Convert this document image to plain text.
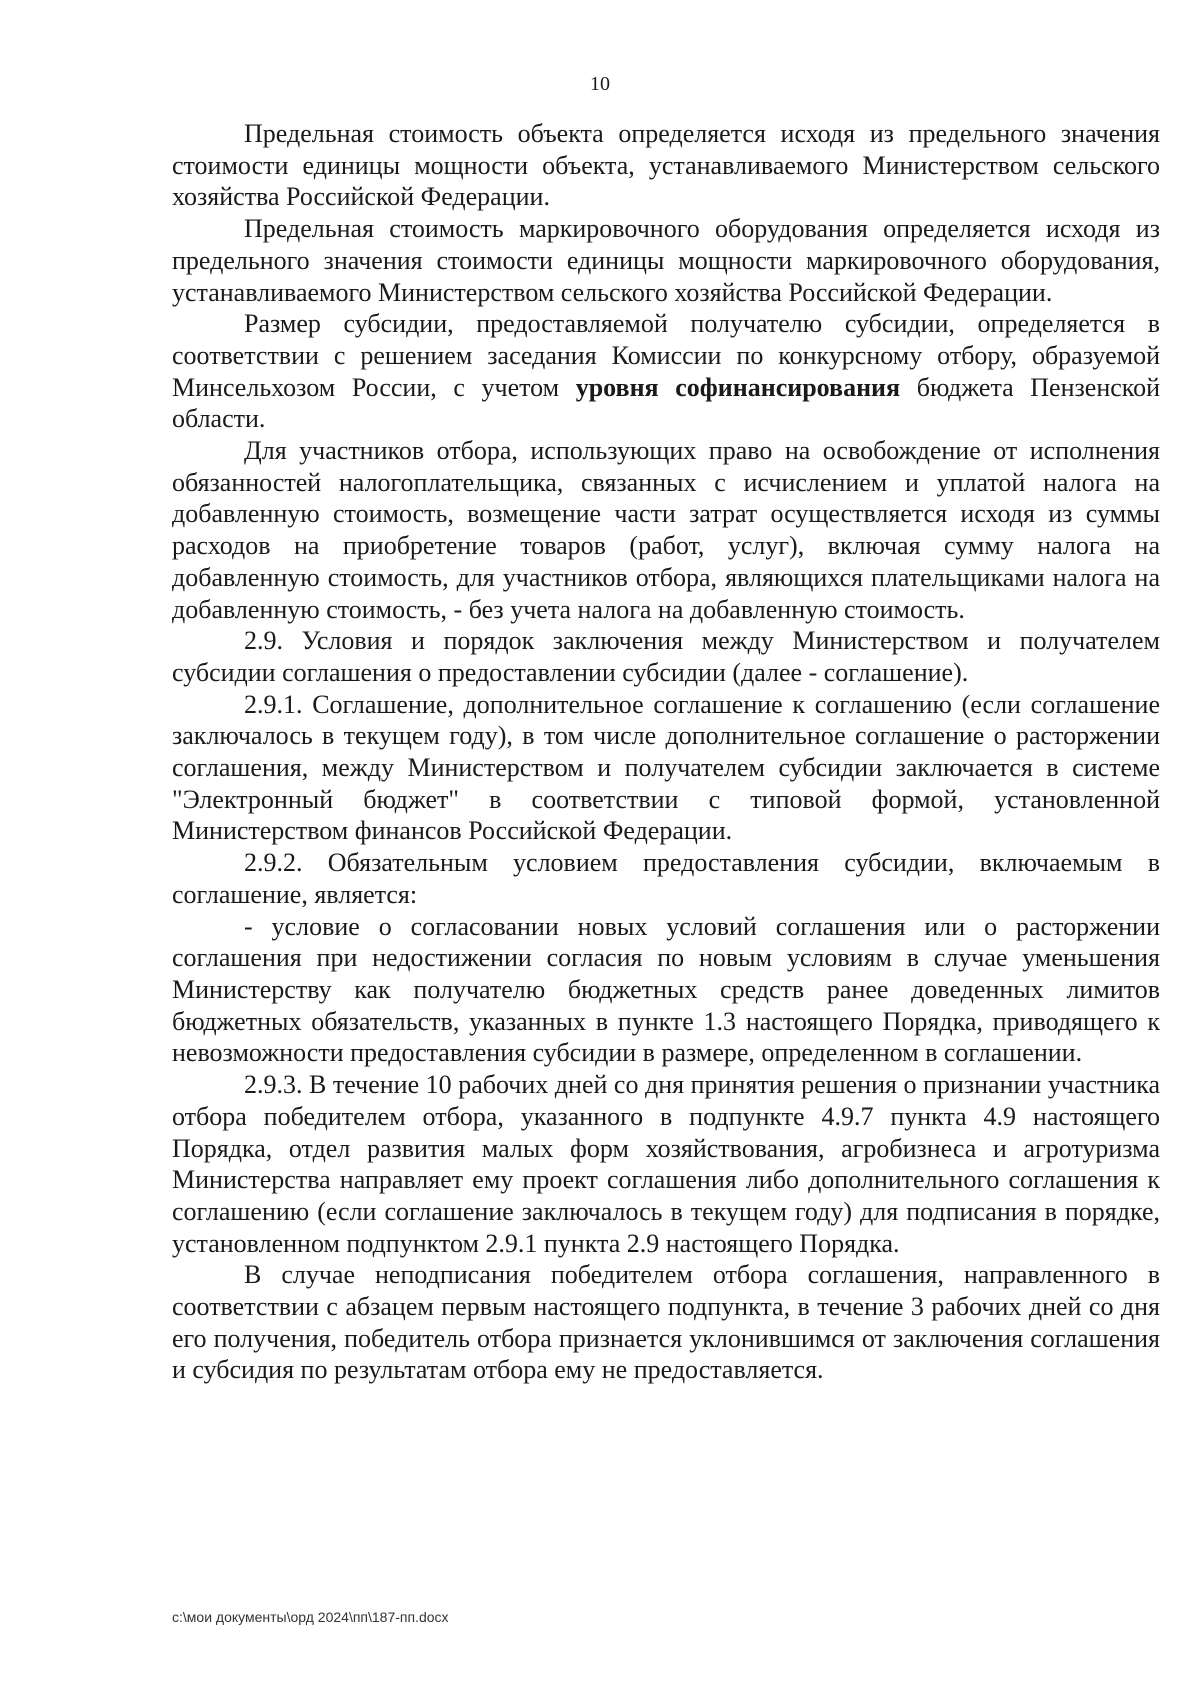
10

Предельная стоимость объекта определяется исходя из предельного значения стоимости единицы мощности объекта, устанавливаемого Министерством сельского хозяйства Российской Федерации.

Предельная стоимость маркировочного оборудования определяется исходя из предельного значения стоимости единицы мощности маркировочного оборудования, устанавливаемого Министерством сельского хозяйства Российской Федерации.

Размер субсидии, предоставляемой получателю субсидии, определяется в соответствии с решением заседания Комиссии по конкурсному отбору, образуемой Минсельхозом России, с учетом уровня софинансирования бюджета Пензенской области.

Для участников отбора, использующих право на освобождение от исполнения обязанностей налогоплательщика, связанных с исчислением и уплатой налога на добавленную стоимость, возмещение части затрат осуществляется исходя из суммы расходов на приобретение товаров (работ, услуг), включая сумму налога на добавленную стоимость, для участников отбора, являющихся плательщиками налога на добавленную стоимость, - без учета налога на добавленную стоимость.

2.9. Условия и порядок заключения между Министерством и получателем субсидии соглашения о предоставлении субсидии (далее - соглашение).

2.9.1. Соглашение, дополнительное соглашение к соглашению (если соглашение заключалось в текущем году), в том числе дополнительное соглашение о расторжении соглашения, между Министерством и получателем субсидии заключается в системе "Электронный бюджет" в соответствии с типовой формой, установленной Министерством финансов Российской Федерации.

2.9.2. Обязательным условием предоставления субсидии, включаемым в соглашение, является:

- условие о согласовании новых условий соглашения или о расторжении соглашения при недостижении согласия по новым условиям в случае уменьшения Министерству как получателю бюджетных средств ранее доведенных лимитов бюджетных обязательств, указанных в пункте 1.3 настоящего Порядка, приводящего к невозможности предоставления субсидии в размере, определенном в соглашении.

2.9.3. В течение 10 рабочих дней со дня принятия решения о признании участника отбора победителем отбора, указанного в подпункте 4.9.7 пункта 4.9 настоящего Порядка, отдел развития малых форм хозяйствования, агробизнеса и агротуризма Министерства направляет ему проект соглашения либо дополнительного соглашения к соглашению (если соглашение заключалось в текущем году) для подписания в порядке, установленном подпунктом 2.9.1 пункта 2.9 настоящего Порядка.

В случае неподписания победителем отбора соглашения, направленного в соответствии с абзацем первым настоящего подпункта, в течение 3 рабочих дней со дня его получения, победитель отбора признается уклонившимся от заключения соглашения и субсидия по результатам отбора ему не предоставляется.

c:\мои документы\орд 2024\пп\187-пп.docx
